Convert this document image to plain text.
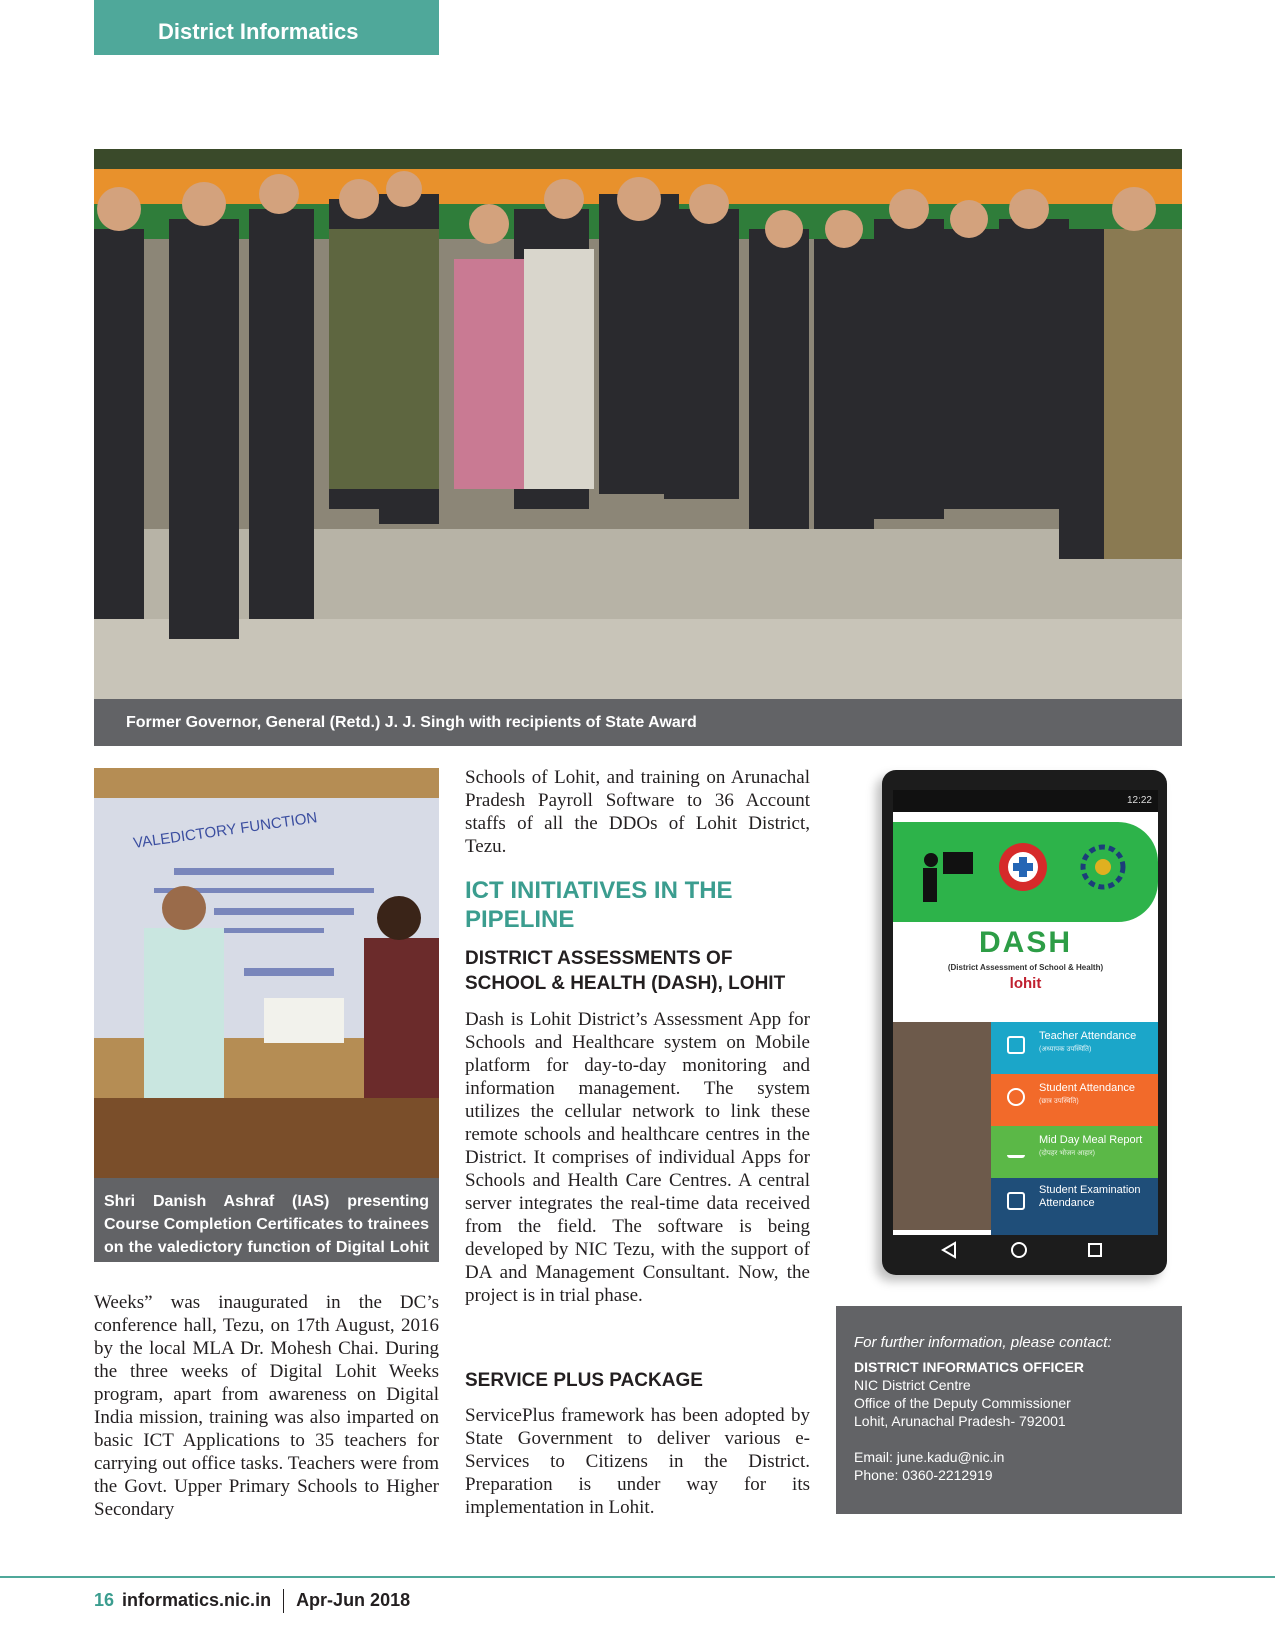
District Informatics
Former Governor, General (Retd.) J. J. Singh with recipients of State Award
VALEDICTORY FUNCTION
Shri Danish Ashraf (IAS) presenting Course Completion Certificates to trainees on the valedictory function of Digital Lohit Weeks
Weeks” was inaugurated in the DC’s conference hall, Tezu, on 17th August, 2016 by the local MLA Dr. Mohesh Chai. During the three weeks of Digital Lohit Weeks program, apart from awareness on Digital India mission, training was also imparted on basic ICT Applications to 35 teachers for carrying out office tasks. Teachers were from the Govt. Upper Primary Schools to Higher Secondary
Schools of Lohit, and training on Arunachal Pradesh Payroll Software to 36 Account staffs of all the DDOs of Lohit District, Tezu.
ICT INITIATIVES IN THE PIPELINE
DISTRICT ASSESSMENTS OF SCHOOL & HEALTH (DASH), LOHIT
Dash is Lohit District’s Assessment App for Schools and Healthcare system on Mobile platform for day-to-day monitoring and information management. The system utilizes the cellular network to link these remote schools and healthcare centres in the District. It comprises of individual Apps for Schools and Health Care Centres. A central server integrates the real-time data received from the field. The software is being developed by NIC Tezu, with the support of DA and Management Consultant. Now, the project is in trial phase.
SERVICE PLUS PACKAGE
ServicePlus framework has been adopted by State Government to deliver various e-Services to Citizens in the District. Preparation is under way for its implementation in Lohit.
12:22
DASH
(District Assessment of School & Health)
lohit
Teacher Attendance
(अध्यापक उपस्थिति)
Student Attendance
(छात्र उपस्थिति)
Mid Day Meal Report
(दोपहर भोजन आहार)
Student Examination Attendance
For further information, please contact:
DISTRICT INFORMATICS OFFICER
NIC District Centre
Office of the Deputy Commissioner
Lohit, Arunachal Pradesh- 792001
Email: june.kadu@nic.in
Phone: 0360-2212919
16 informatics.nic.in Apr-Jun 2018
